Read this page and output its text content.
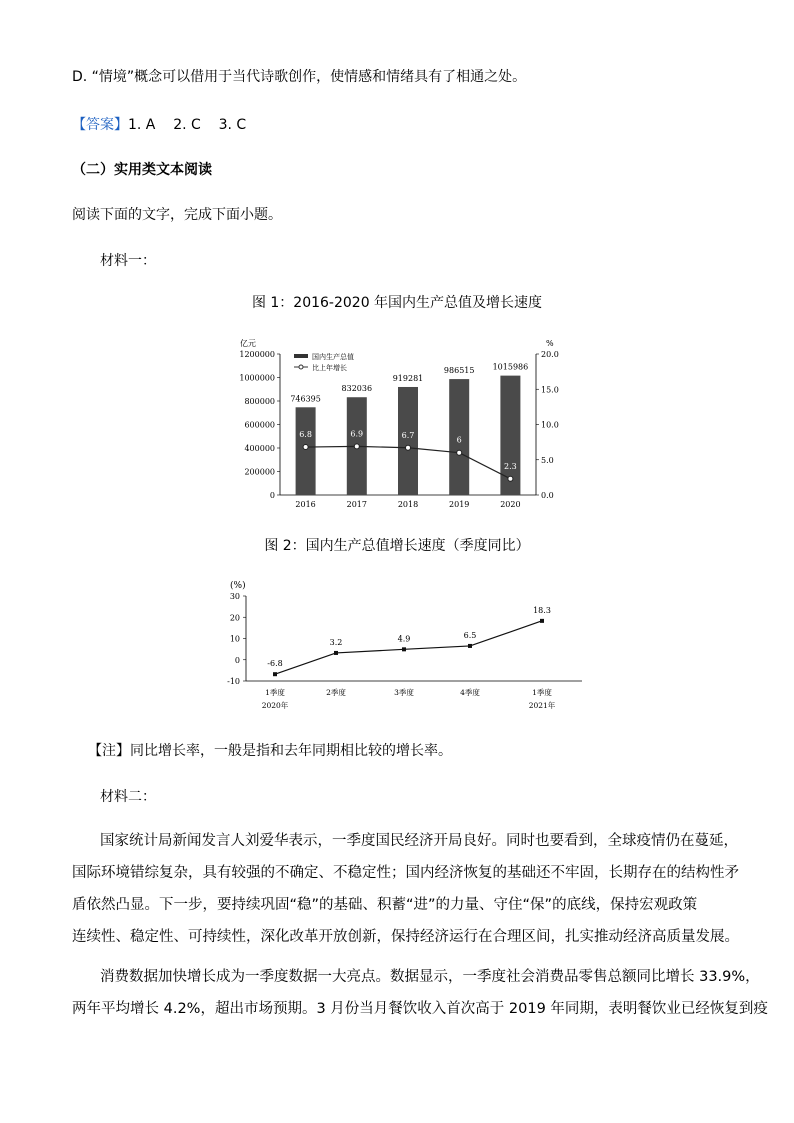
D. “情境”概念可以借用于当代诗歌创作，使情感和情绪具有了相通之处。
【答案】1. A 2. C 3. C
（二）实用类文本阅读
阅读下面的文字，完成下面小题。
材料一：
图 1：2016-2020 年国内生产总值及增长速度
亿元	%
0
200000
400000
600000
800000
1000000
1200000
0.0
5.0
10.0
15.0
20.0
746395
2016
832036
2017
919281
2018
986515
2019
1015986
2020
6.8	6.9	6.7
6
2.3
国内生产总值
比上年增长
图 2：国内生产总值增长速度（季度同比）
(%)
-10
0
10
20
30
-6.8
1季度
2020年
3.2
2季度
4.9
3季度
6.5
4季度
18.3
1季度
2021年
【注】同比增长率，一般是指和去年同期相比较的增长率。
材料二：
国家统计局新闻发言人刘爱华表示，一季度国民经济开局良好。同时也要看到，全球疫情仍在蔓延，
国际环境错综复杂，具有较强的不确定、不稳定性；国内经济恢复的基础还不牢固，长期存在的结构性矛
盾依然凸显。下一步，要持续巩固“稳”的基础、积蓄“进”的力量、守住“保”的底线，保持宏观政策
连续性、稳定性、可持续性，深化改革开放创新，保持经济运行在合理区间，扎实推动经济高质量发展。
消费数据加快增长成为一季度数据一大亮点。数据显示，一季度社会消费品零售总额同比增长 33.9%，
两年平均增长 4.2%，超出市场预期。3 月份当月餐饮收入首次高于 2019 年同期，表明餐饮业已经恢复到疫
